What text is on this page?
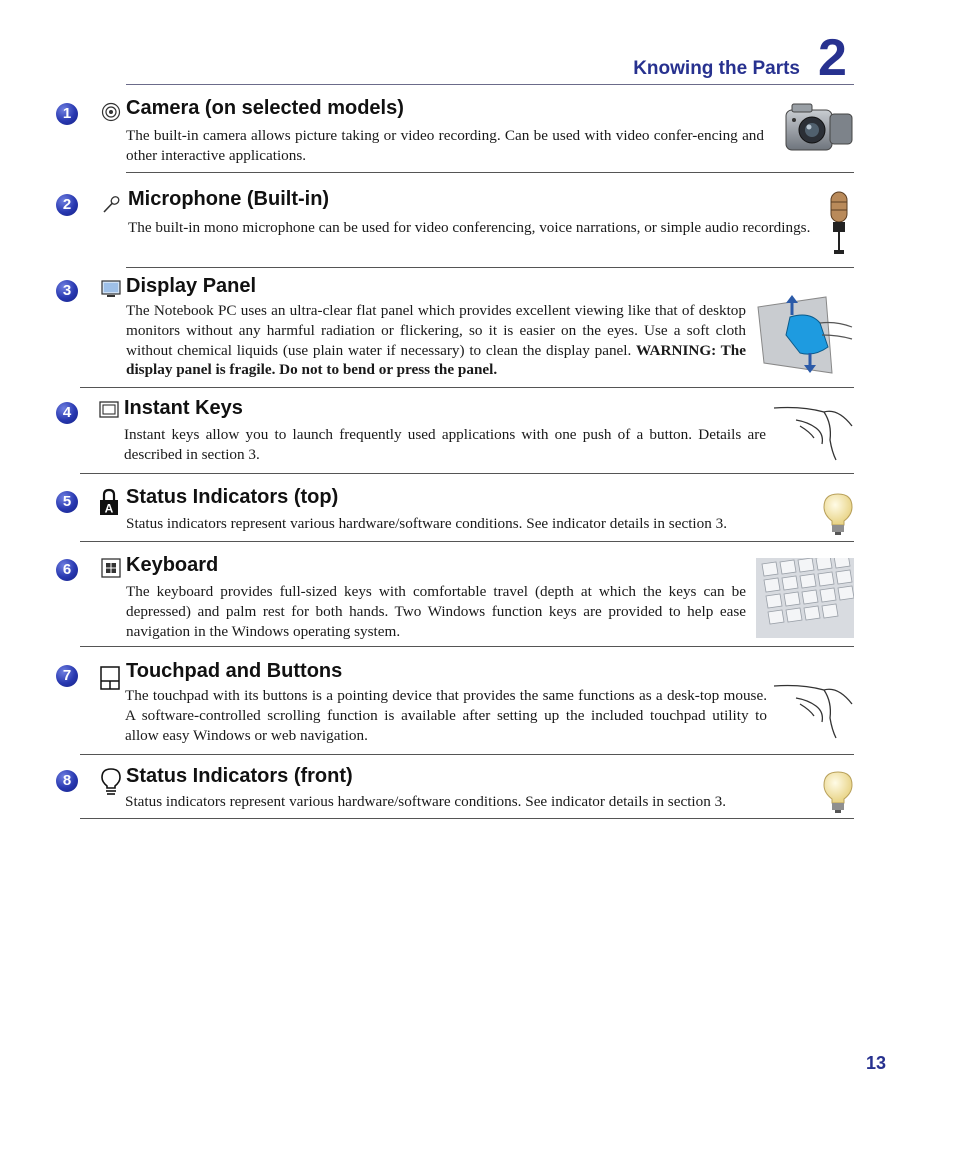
Knowing the Parts 2
1	Camera (on selected models)
The built-in camera allows picture taking or video recording. Can be used with video confer-encing and other interactive applications.
2	Microphone (Built-in)
The built-in mono microphone can be used for video conferencing, voice narrations, or simple audio recordings.
3	Display Panel
The Notebook PC uses an ultra-clear flat panel which provides excellent viewing like that of desktop monitors without any harmful radiation or flickering, so it is easier on the eyes. Use a soft cloth without chemical liquids (use plain water if necessary) to clean the display panel. WARNING: The display panel is fragile. Do not to bend or press the panel.
4	Instant Keys
Instant keys allow you to launch frequently used applications with one push of a button. Details are described in section 3.
5	A
Status Indicators (top)
Status indicators represent various hardware/software conditions. See indicator details in section 3.
6	Keyboard
The keyboard provides full-sized keys with comfortable travel (depth at which the keys can be depressed) and palm rest for both hands. Two Windows function keys are provided to help ease navigation in the Windows operating system.
7	Touchpad and Buttons
The touchpad with its buttons is a pointing device that provides the same functions as a desk-top mouse. A software-controlled scrolling function is available after setting up the included touchpad utility to allow easy Windows or web navigation.
8	Status Indicators (front)
Status indicators represent various hardware/software conditions. See indicator details in section 3.
13
